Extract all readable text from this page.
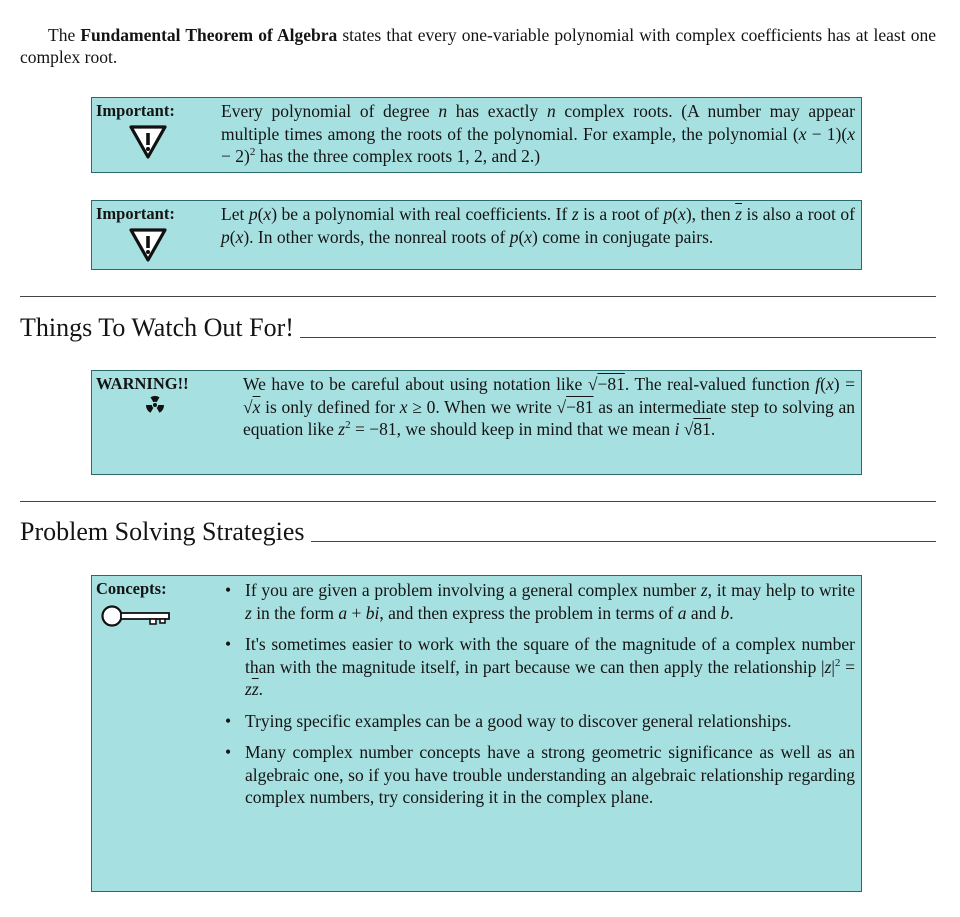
The Fundamental Theorem of Algebra states that every one-variable polynomial with complex coefficients has at least one complex root.
Important:	Every polynomial of degree n has exactly n complex roots. (A number may appear multiple times among the roots of the polynomial. For example, the polynomial $(x - 1)(x - 2)^2$ has the three complex roots 1, 2, and 2.)
Important:	Let p(x) be a polynomial with real coefficients. If z is a root of p(x), then $\overline{z}$ is also a root of p(x). In other words, the nonreal roots of p(x) come in conjugate pairs.
Things To Watch Out For!
WARNING!!	We have to be careful about using notation like √−81. The real-valued function f(x) = √x is only defined for x ≥ 0. When we write √−81 as an intermediate step to solving an equation like $z^2 = -81$, we should keep in mind that we mean i √81.
Problem Solving Strategies
Concepts:	• If you are given a problem involving a general complex number z, it may help to write z in the form a + bi, and then express the problem in terms of a and b.
• It's sometimes easier to work with the square of the magnitude of a complex number than with the magnitude itself, in part because we can then apply the relationship $|z|^2 = z\overline{z}$.
• Trying specific examples can be a good way to discover general relationships.
• Many complex number concepts have a strong geometric significance as well as an algebraic one, so if you have trouble understanding an algebraic relationship regarding complex numbers, try considering it in the complex plane.
